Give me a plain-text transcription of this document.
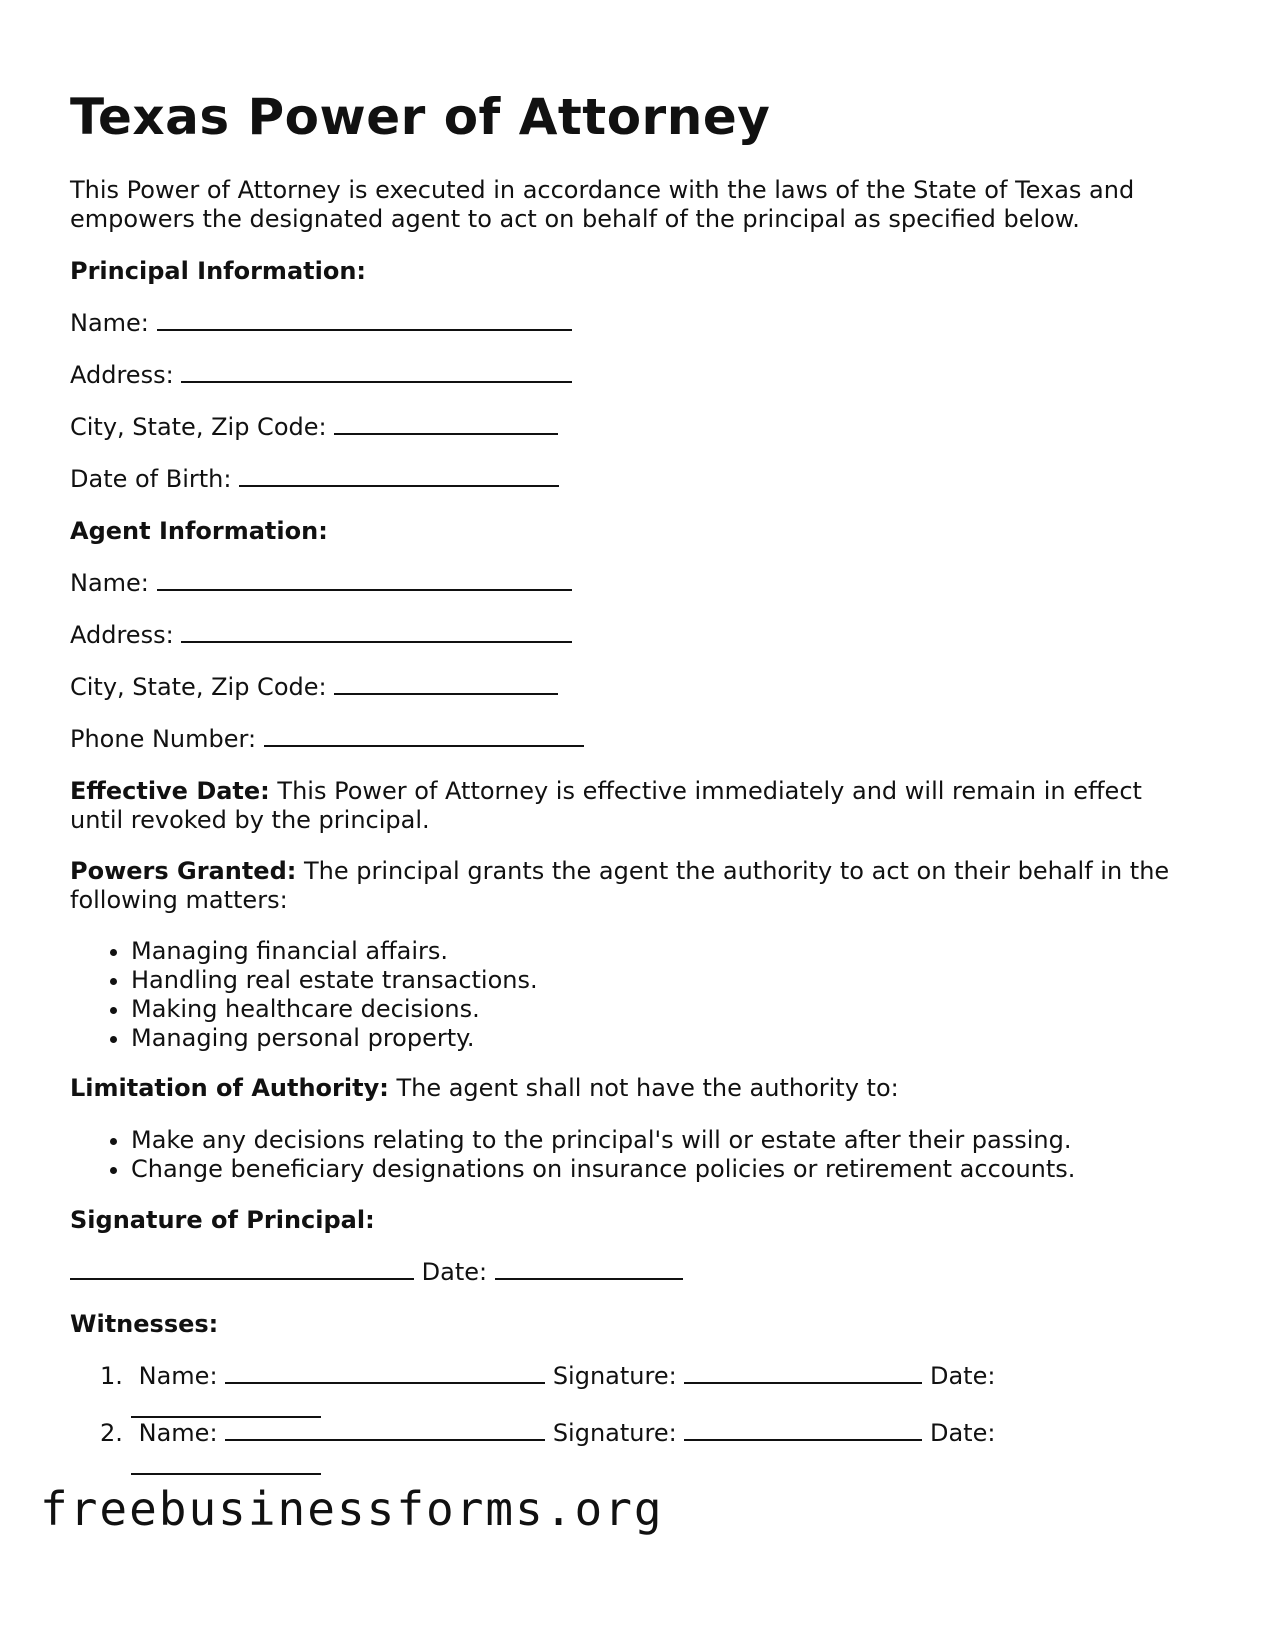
Texas Power of Attorney

This Power of Attorney is executed in accordance with the laws of the State of Texas and empowers the designated agent to act on behalf of the principal as specified below.

Principal Information:

Name:

Address:

City, State, Zip Code:

Date of Birth:

Agent Information:

Name:

Address:

City, State, Zip Code:

Phone Number:

Effective Date: This Power of Attorney is effective immediately and will remain in effect until revoked by the principal.

Powers Granted: The principal grants the agent the authority to act on their behalf in the following matters:

• Managing financial affairs.
• Handling real estate transactions.
• Making healthcare decisions.
• Managing personal property.

Limitation of Authority: The agent shall not have the authority to:

• Make any decisions relating to the principal's will or estate after their passing.
• Change beneficiary designations on insurance policies or retirement accounts.

Signature of Principal:

Date:

Witnesses:

1. Name:	Signature:	Date:
2. Name:	Signature:	Date:
freebusinessforms.org
